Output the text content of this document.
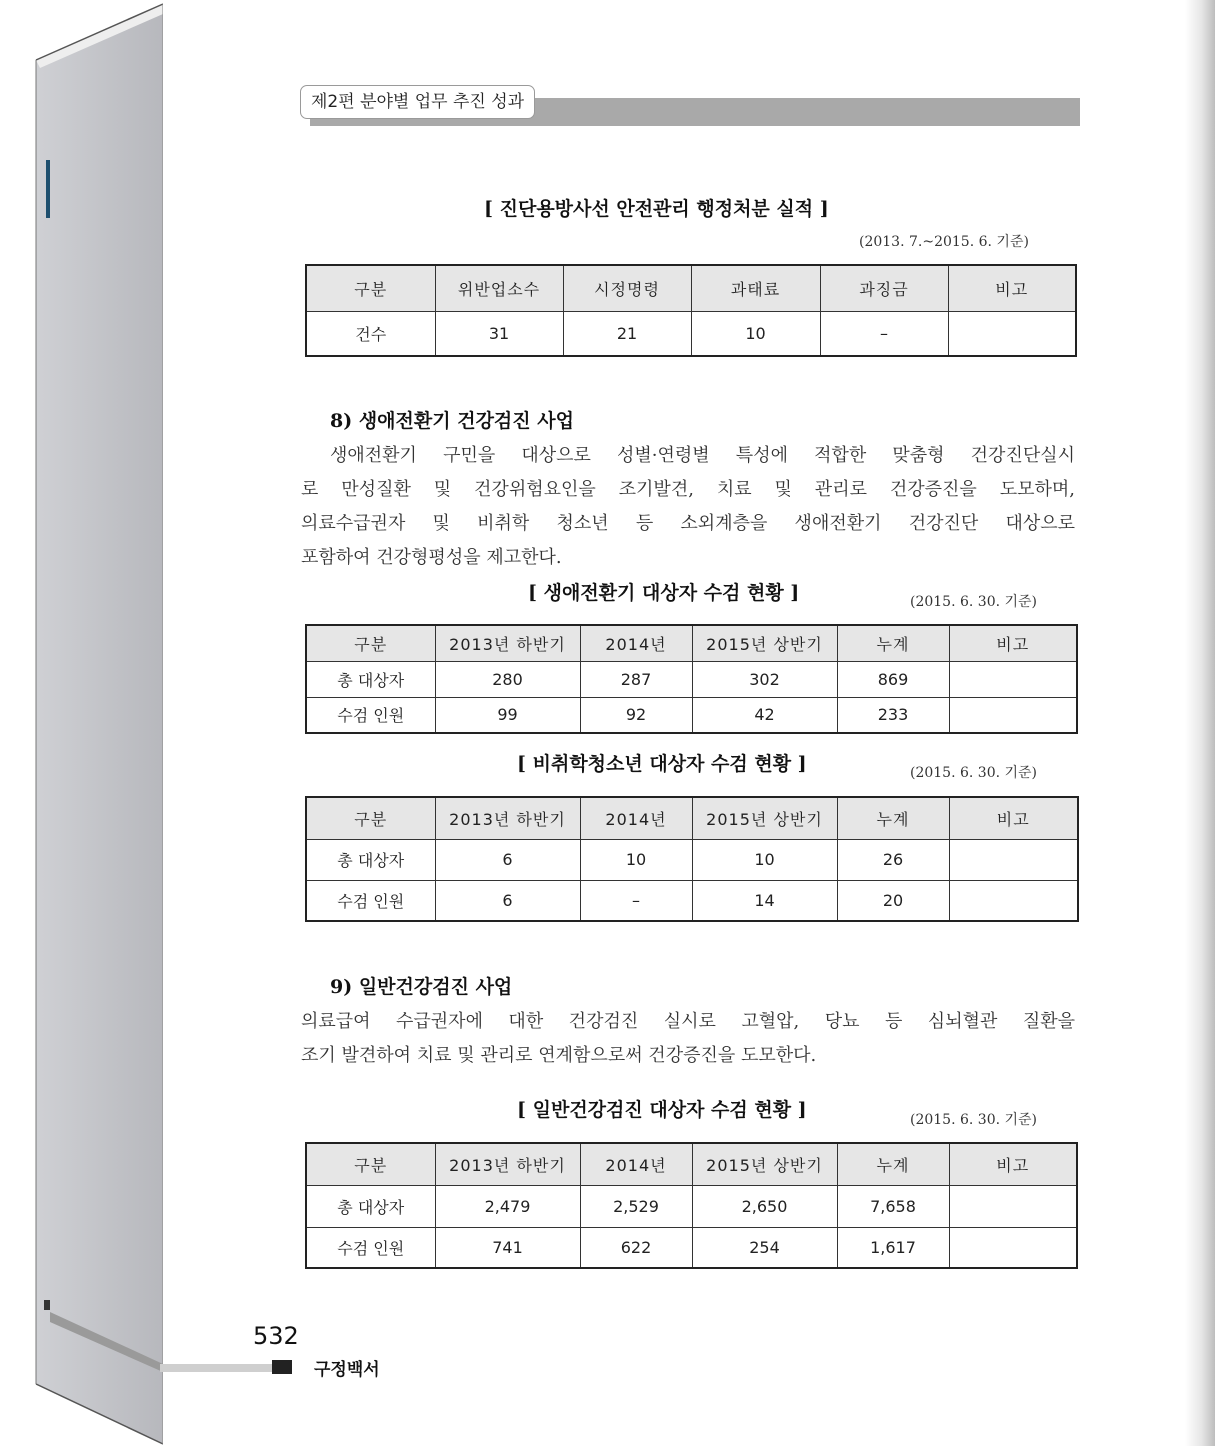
제2편 분야별 업무 추진 성과
[ 진단용방사선 안전관리 행정처분 실적 ]
(2013. 7.~2015. 6. 기준)
구분	위반업소수	시정명령	과태료	과징금	비고
건수	31	21	10	–	
8) 생애전환기 건강검진 사업
생애전환기 구민을 대상으로 성별·연령별 특성에 적합한 맞춤형 건강진단실시
로 만성질환 및 건강위험요인을 조기발견, 치료 및 관리로 건강증진을 도모하며,
의료수급권자 및 비취학 청소년 등 소외계층을 생애전환기 건강진단 대상으로
포함하여 건강형평성을 제고한다.
[ 생애전환기 대상자 수검 현황 ]	(2015. 6. 30. 기준)
구분	2013년 하반기	2014년	2015년 상반기	누계	비고
총 대상자	280	287	302	869	
수검 인원	99	92	42	233	
[ 비취학청소년 대상자 수검 현황 ]	(2015. 6. 30. 기준)
구분	2013년 하반기	2014년	2015년 상반기	누계	비고
총 대상자	6	10	10	26	
수검 인원	6	–	14	20	
9) 일반건강검진 사업
의료급여 수급권자에 대한 건강검진 실시로 고혈압, 당뇨 등 심뇌혈관 질환을
조기 발견하여 치료 및 관리로 연계함으로써 건강증진을 도모한다.
[ 일반건강검진 대상자 수검 현황 ]	(2015. 6. 30. 기준)
구분	2013년 하반기	2014년	2015년 상반기	누계	비고
총 대상자	2,479	2,529	2,650	7,658	
수검 인원	741	622	254	1,617	
532
구정백서
